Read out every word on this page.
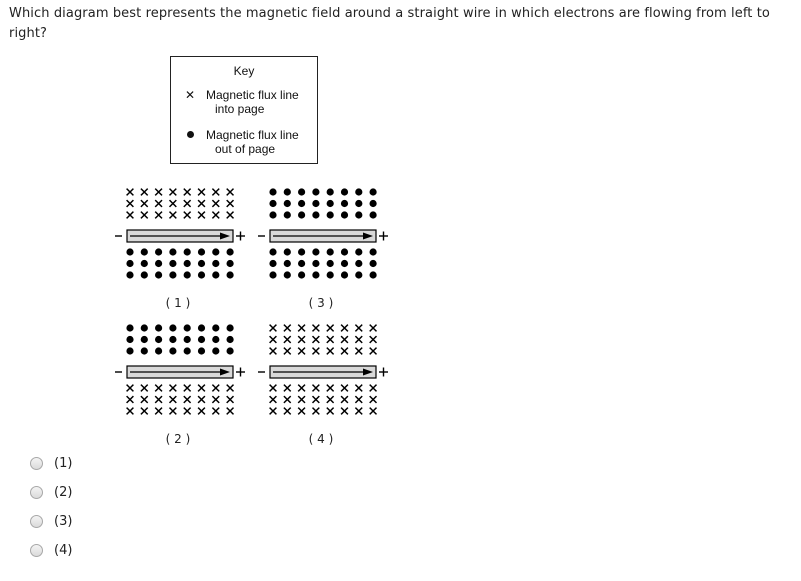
Which diagram best represents the magnetic field around a straight wire in which electrons are flowing from left to right?
Key
✕ Magnetic flux line
into page
Magnetic flux line
out of page
( 1 )	( 3 )
( 2 )	( 4 )
(1)
(2)
(3)
(4)
